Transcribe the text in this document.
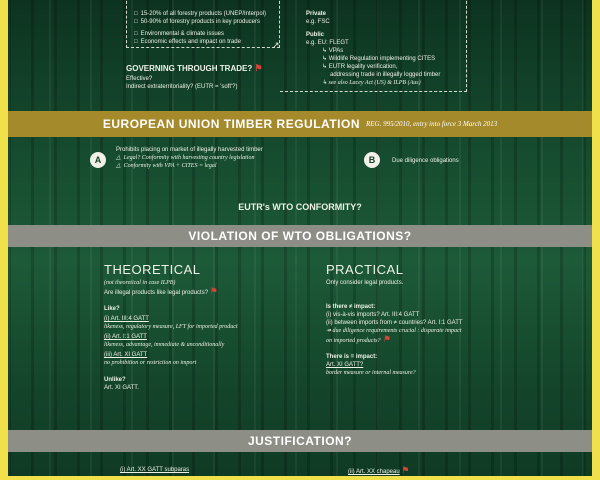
□ 15-20% of all forestry products (UNEP/Interpol)
□ 50-90% of forestry products in key producers
□ Environmental & climate issues
□ Economic effects and impact on trade	↗
GOVERNING THROUGH TRADE? ⚑
Effective?
Indirect extraterritoriality? (EUTR = 'soft'?)
Private
e.g. FSC
Public
e.g. EU: FLEGT
↳ VPAs
↳ Wildlife Regulation implementing CITES
↳ EUTR legality verification,
addressing trade in illegally logged timber
↳ see also Lacey Act (US) & ILPB (Aus)
EUROPEAN UNION TIMBER REGULATION REG. 995/2010, entry into force 3 March 2013
A
Prohibits placing on market of illegally harvested timber
△ Legal? Conformity with harvesting country legislation
△ Conformity with VPA + CITES = legal
B	Due diligence obligations
EUTR's WTO CONFORMITY?
VIOLATION OF WTO OBLIGATIONS?
THEORETICAL
(not theoretical in case ILPB)
Are illegal products like legal products? ⚑
Like?
(i) Art. III:4 GATT
likeness, regulatory measure, LFT for imported product
(ii) Art. I:1 GATT
likeness, advantage, immediate & unconditionally
(iii) Art. XI GATT
no prohibition or restriction on import
Unlike?
Art. XI GATT.
PRACTICAL
Only consider legal products.
Is there ≠ impact:
(i) vis-à-vis imports? Art. III:4 GATT
(ii) between imports from ≠ countries? Art. I:1 GATT
↠ due diligence requirements crucial : disparate impact
on imported products? ⚑
There is = impact:
Art. XI GATT?
border measure or internal measure?
JUSTIFICATION?
(i) Art. XX GATT subparas	(ii) Art. XX chapeau ⚑
